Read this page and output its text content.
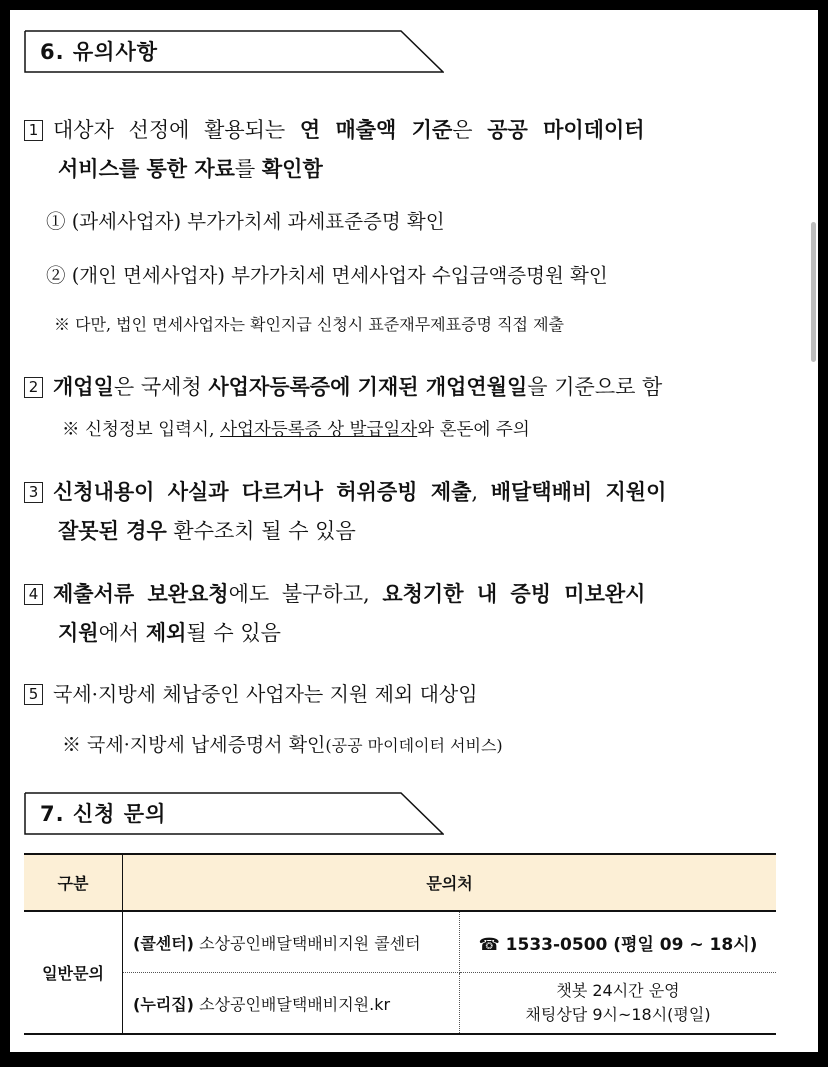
6. 유의사항
1 대상자 선정에 활용되는 연 매출액 기준은 공공 마이데이터
서비스를 통한 자료를 확인함
① (과세사업자) 부가가치세 과세표준증명 확인
② (개인 면세사업자) 부가가치세 면세사업자 수입금액증명원 확인
※ 다만, 법인 면세사업자는 확인지급 신청시 표준재무제표증명 직접 제출
2 개업일은 국세청 사업자등록증에 기재된 개업연월일을 기준으로 함
※ 신청정보 입력시, 사업자등록증 상 발급일자와 혼돈에 주의
3 신청내용이 사실과 다르거나 허위증빙 제출, 배달택배비 지원이
잘못된 경우 환수조치 될 수 있음
4 제출서류 보완요청에도 불구하고, 요청기한 내 증빙 미보완시
지원에서 제외될 수 있음
5 국세·지방세 체납중인 사업자는 지원 제외 대상임
※ 국세·지방세 납세증명서 확인(공공 마이데이터 서비스)
7. 신청 문의
구분	문의처	
일반문의	(콜센터) 소상공인배달택배비지원 콜센터	☎ 1533-0500 (평일 09 ~ 18시)
	(누리집) 소상공인배달택배비지원.kr	챗봇 24시간 운영
채팅상담 9시~18시(평일)
